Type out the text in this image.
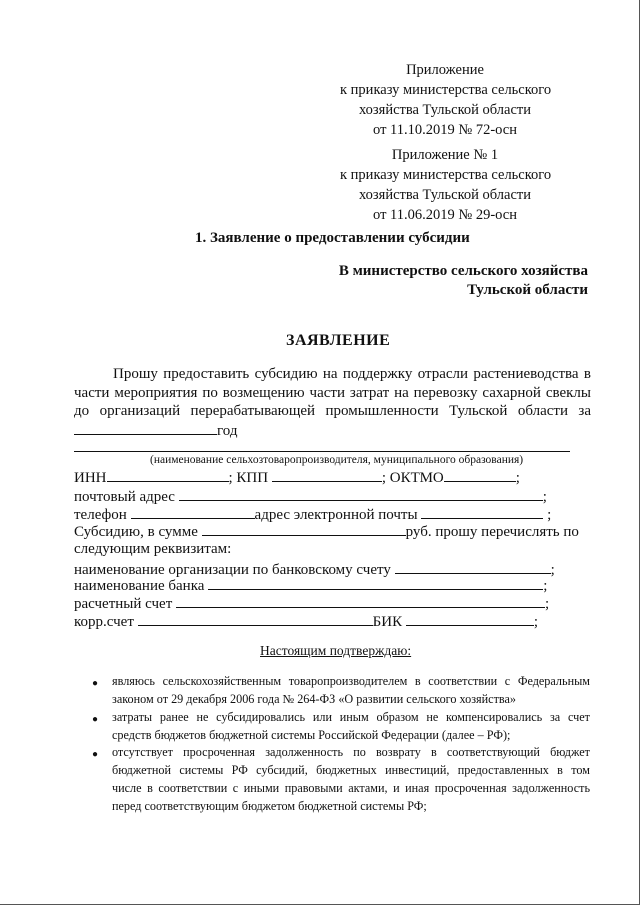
Приложение
к приказу министерства сельского
хозяйства Тульской области
от 11.10.2019 № 72-осн
Приложение № 1
к приказу министерства сельского
хозяйства Тульской области
от 11.06.2019 № 29-осн
1. Заявление о предоставлении субсидии
В министерство сельского хозяйства
Тульской области
ЗАЯВЛЕНИЕ
Прошу предоставить субсидию на поддержку отрасли растениеводства в
части мероприятия по возмещению части затрат на перевозку сахарной свеклы
до организаций перерабатывающей промышленности Тульской области за
год
(наименование сельхозтоваропроизводителя, муниципального образования)
ИНН	; КПП	; ОКТМО	;
почтовый адрес	;
телефон	адрес электронной почты	;
Субсидию, в сумме	руб. прошу перечислять по
следующим реквизитам:
наименование организации по банковскому счету	;
наименование банка	;
расчетный счет	;
корр.счет	БИК	;
Настоящим подтверждаю:
● являюсь сельскохозяйственным товаропроизводителем в соответствии с Федеральным
законом от 29 декабря 2006 года № 264-ФЗ «О развитии сельского хозяйства»
● затраты ранее не субсидировались или иным образом не компенсировались за счет
средств бюджетов бюджетной системы Российской Федерации (далее – РФ);
● отсутствует просроченная задолженность по возврату в соответствующий бюджет
бюджетной системы РФ субсидий, бюджетных инвестиций, предоставленных в том
числе в соответствии с иными правовыми актами, и иная просроченная задолженность
перед соответствующим бюджетом бюджетной системы РФ;
